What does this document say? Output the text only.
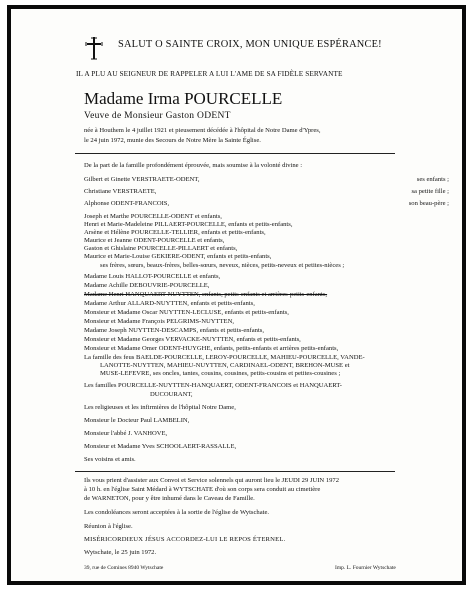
SALUT O SAINTE CROIX, MON UNIQUE ESPÉRANCE!
IL A PLU AU SEIGNEUR DE RAPPELER A LUI L'AME DE SA FIDÈLE SERVANTE
Madame Irma POURCELLE
Veuve de Monsieur Gaston ODENT
née à Houthem le 4 juillet 1921 et pieusement décédée à l'hôpital de Notre Dame d'Ypres,
le 24 juin 1972, munie des Secours de Notre Mère la Sainte Église.
De la part de la famille profondément éprouvée, mais soumise à la volonté divine :
Gilbert et Ginette VERSTRAETE-ODENT,	ses enfants ;
Christiane VERSTRAETE,	sa petite fille ;
Alphonse ODENT-FRANCOIS,	son beau-père ;
Joseph et Marthe POURCELLE-ODENT et enfants,
Henri et Marie-Madeleine PILLAERT-POURCELLE, enfants et petits-enfants,
Arsène et Hélène POURCELLE-TELLIER, enfants et petits-enfants,
Maurice et Jeanne ODENT-POURCELLE et enfants,
Gaston et Ghislaine POURCELLE-PILLAERT et enfants,
Maurice et Marie-Louise GEKIERE-ODENT, enfants et petits-enfants,
ses frères, sœurs, beaux-frères, belles-sœurs, neveux, nièces, petits-neveux et petites-nièces ;
Madame Louis HALLOT-POURCELLE et enfants,
Madame Achille DEBOUVRIE-POURCELLE,
Madame Henri HANQUAERT-NUYTTEN, enfants, petits-enfants et arrières-petits-enfants,
Madame Arthur ALLARD-NUYTTEN, enfants et petits-enfants,
Monsieur et Madame Oscar NUYTTEN-LECLUSE, enfants et petits-enfants,
Monsieur et Madame François PELGRIMS-NUYTTEN,
Madame Joseph NUYTTEN-DESCAMPS, enfants et petits-enfants,
Monsieur et Madame Georges VERVACKE-NUYTTEN, enfants et petits-enfants,
Monsieur et Madame Omer ODENT-HUYGHE, enfants, petits-enfants et arrières petits-enfants,
La famille des feus BAELDE-POURCELLE, LEROY-POURCELLE, MAHIEU-POURCELLE, VANDE-
LANOTTE-NUYTTEN, MAHIEU-NUYTTEN, CARDINAEL-ODENT, BREHON-MUSE et
MUSE-LEFEVRE, ses oncles, tantes, cousins, cousines, petits-cousins et petites-cousines ;
Les familles POURCELLE-NUYTTEN-HANQUAERT, ODENT-FRANCOIS et HANQUAERT-
DUCOURANT,
Les religieuses et les infirmières de l'hôpital Notre Dame,
Monsieur le Docteur Paul LAMBELIN,
Monsieur l'abbé J. VANHOVE,
Monsieur et Madame Yves SCHOOLAERT-RASSALLE,
Ses voisins et amis.
Ils vous prient d'assister aux Convoi et Service solennels qui auront lieu le JEUDI 29 JUIN 1972
à 10 h. en l'église Saint Médard à WYTSCHATE d'où son corps sera conduit au cimetière
de WARNETON, pour y être inhumé dans le Caveau de Famille.
Les condoléances seront acceptées à la sortie de l'église de Wytschate.
Réunion à l'église.
MISÉRICORDIEUX JÉSUS ACCORDEZ-LUI LE REPOS ÉTERNEL.
Wytschate, le 25 juin 1972.
39, rue de Comines 8940 Wytschate	Imp. L. Fournier Wytschate
